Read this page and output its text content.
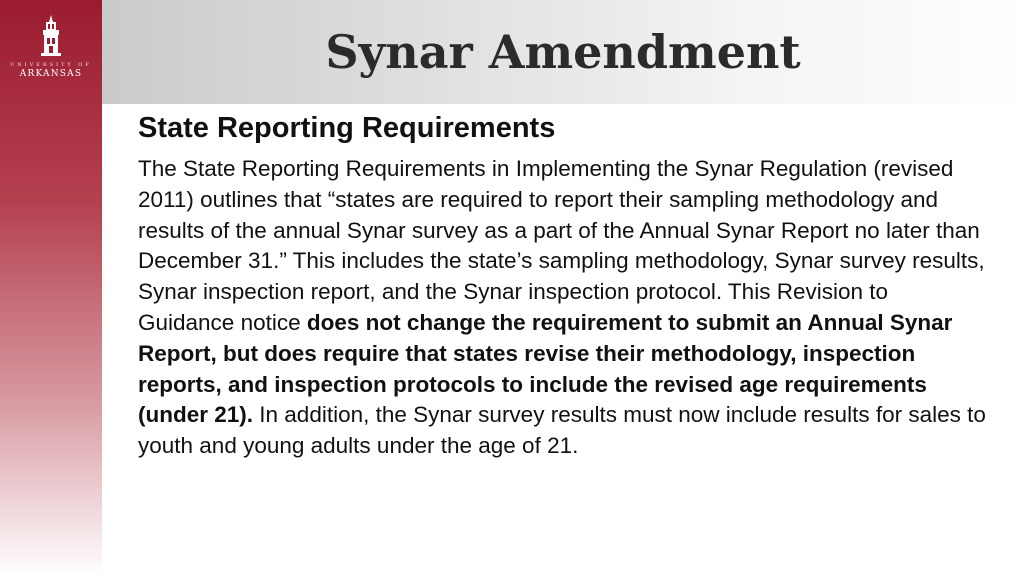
UNIVERSITY OF
ARKANSAS	Synar Amendment
State Reporting Requirements

The State Reporting Requirements in Implementing the Synar Regulation (revised 2011) outlines that “states are required to report their sampling methodology and results of the annual Synar survey as a part of the Annual Synar Report no later than December 31.” This includes the state’s sampling methodology, Synar survey results, Synar inspection report, and the Synar inspection protocol. This Revision to Guidance notice does not change the requirement to submit an Annual Synar Report, but does require that states revise their methodology, inspection reports, and inspection protocols to include the revised age requirements (under 21). In addition, the Synar survey results must now include results for sales to youth and young adults under the age of 21.
